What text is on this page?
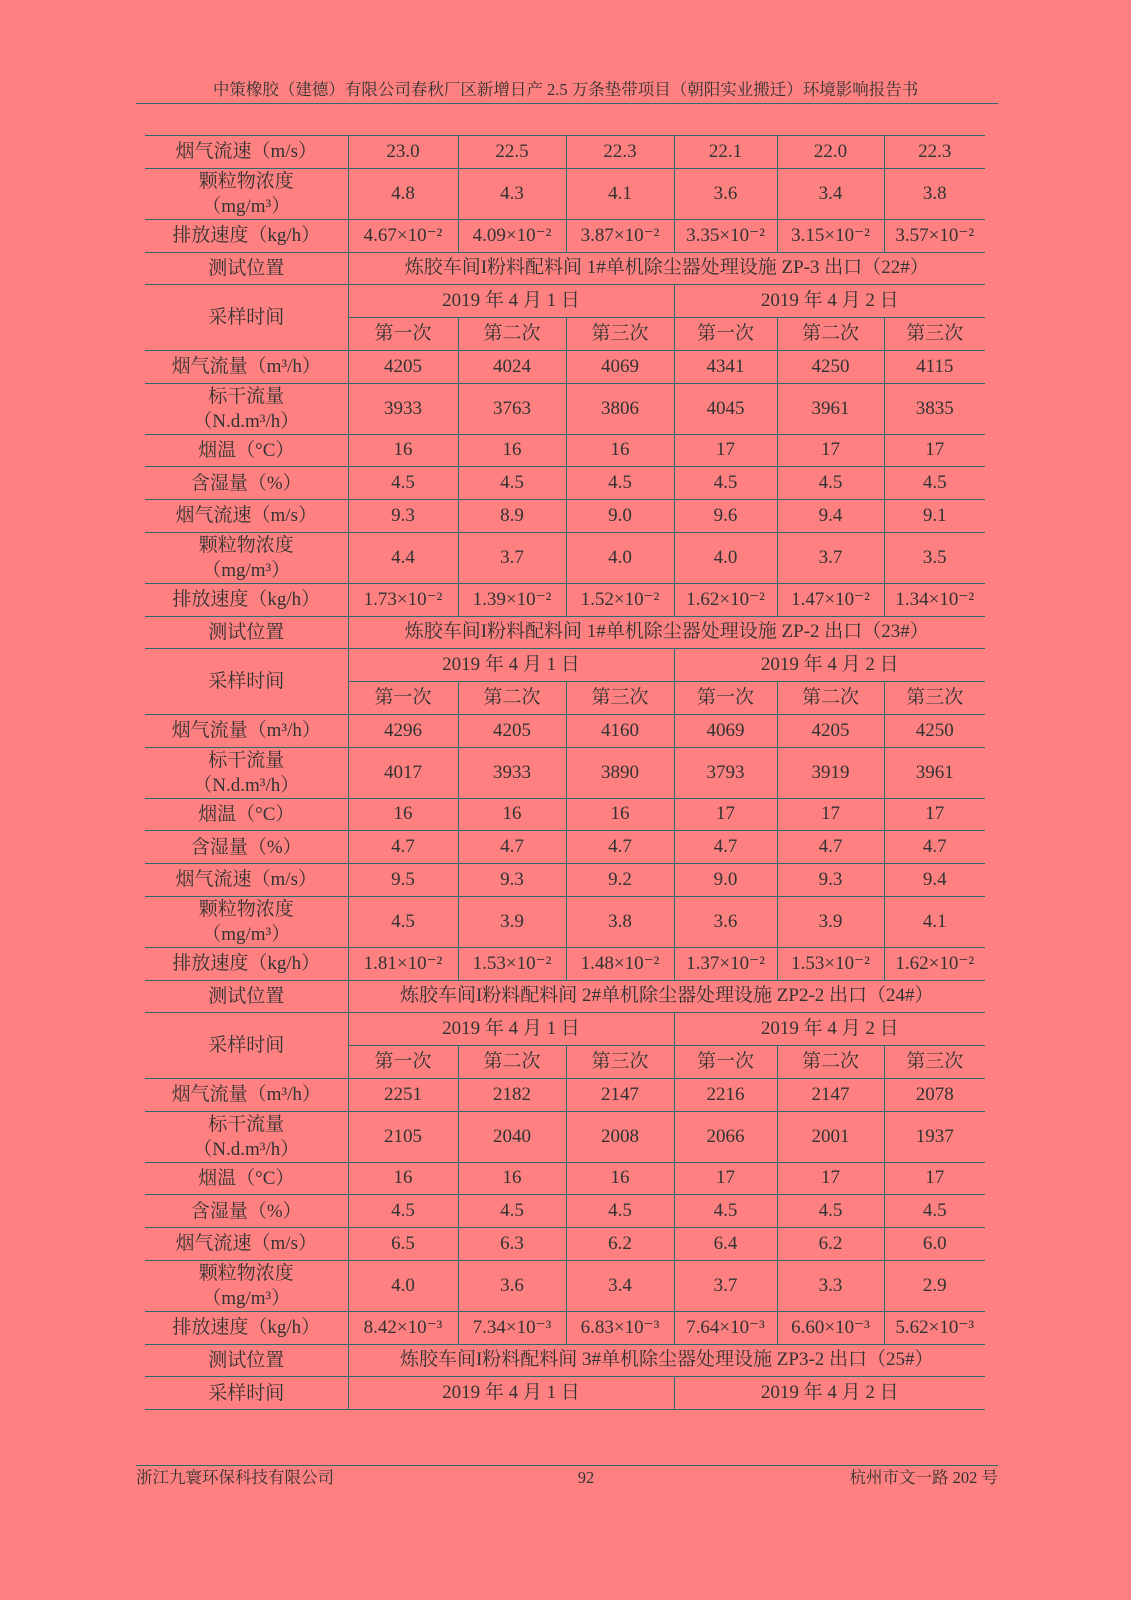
中策橡胶（建德）有限公司春秋厂区新增日产 2.5 万条垫带项目（朝阳实业搬迁）环境影响报告书
烟气流速（m/s）	23.0	22.5	22.3	22.1	22.0	22.3
颗粒物浓度
（mg/m³）	4.8	4.3	4.1	3.6	3.4	3.8
排放速度（kg/h）	4.67×10⁻²	4.09×10⁻²	3.87×10⁻²	3.35×10⁻²	3.15×10⁻²	3.57×10⁻²
测试位置	炼胶车间I粉料配料间 1#单机除尘器处理设施 ZP-3 出口（22#）					
采样时间	2019 年 4 月 1 日			2019 年 4 月 2 日		
	第一次	第二次	第三次	第一次	第二次	第三次
烟气流量（m³/h）	4205	4024	4069	4341	4250	4115
标干流量
（N.d.m³/h）	3933	3763	3806	4045	3961	3835
烟温（°C）	16	16	16	17	17	17
含湿量（%）	4.5	4.5	4.5	4.5	4.5	4.5
烟气流速（m/s）	9.3	8.9	9.0	9.6	9.4	9.1
颗粒物浓度
（mg/m³）	4.4	3.7	4.0	4.0	3.7	3.5
排放速度（kg/h）	1.73×10⁻²	1.39×10⁻²	1.52×10⁻²	1.62×10⁻²	1.47×10⁻²	1.34×10⁻²
测试位置	炼胶车间I粉料配料间 1#单机除尘器处理设施 ZP-2 出口（23#）					
采样时间	2019 年 4 月 1 日			2019 年 4 月 2 日		
	第一次	第二次	第三次	第一次	第二次	第三次
烟气流量（m³/h）	4296	4205	4160	4069	4205	4250
标干流量
（N.d.m³/h）	4017	3933	3890	3793	3919	3961
烟温（°C）	16	16	16	17	17	17
含湿量（%）	4.7	4.7	4.7	4.7	4.7	4.7
烟气流速（m/s）	9.5	9.3	9.2	9.0	9.3	9.4
颗粒物浓度
（mg/m³）	4.5	3.9	3.8	3.6	3.9	4.1
排放速度（kg/h）	1.81×10⁻²	1.53×10⁻²	1.48×10⁻²	1.37×10⁻²	1.53×10⁻²	1.62×10⁻²
测试位置	炼胶车间I粉料配料间 2#单机除尘器处理设施 ZP2-2 出口（24#）					
采样时间	2019 年 4 月 1 日			2019 年 4 月 2 日		
	第一次	第二次	第三次	第一次	第二次	第三次
烟气流量（m³/h）	2251	2182	2147	2216	2147	2078
标干流量
（N.d.m³/h）	2105	2040	2008	2066	2001	1937
烟温（°C）	16	16	16	17	17	17
含湿量（%）	4.5	4.5	4.5	4.5	4.5	4.5
烟气流速（m/s）	6.5	6.3	6.2	6.4	6.2	6.0
颗粒物浓度
（mg/m³）	4.0	3.6	3.4	3.7	3.3	2.9
排放速度（kg/h）	8.42×10⁻³	7.34×10⁻³	6.83×10⁻³	7.64×10⁻³	6.60×10⁻³	5.62×10⁻³
测试位置	炼胶车间I粉料配料间 3#单机除尘器处理设施 ZP3-2 出口（25#）					
采样时间	2019 年 4 月 1 日			2019 年 4 月 2 日		
浙江九寰环保科技有限公司	92	杭州市文一路 202 号
